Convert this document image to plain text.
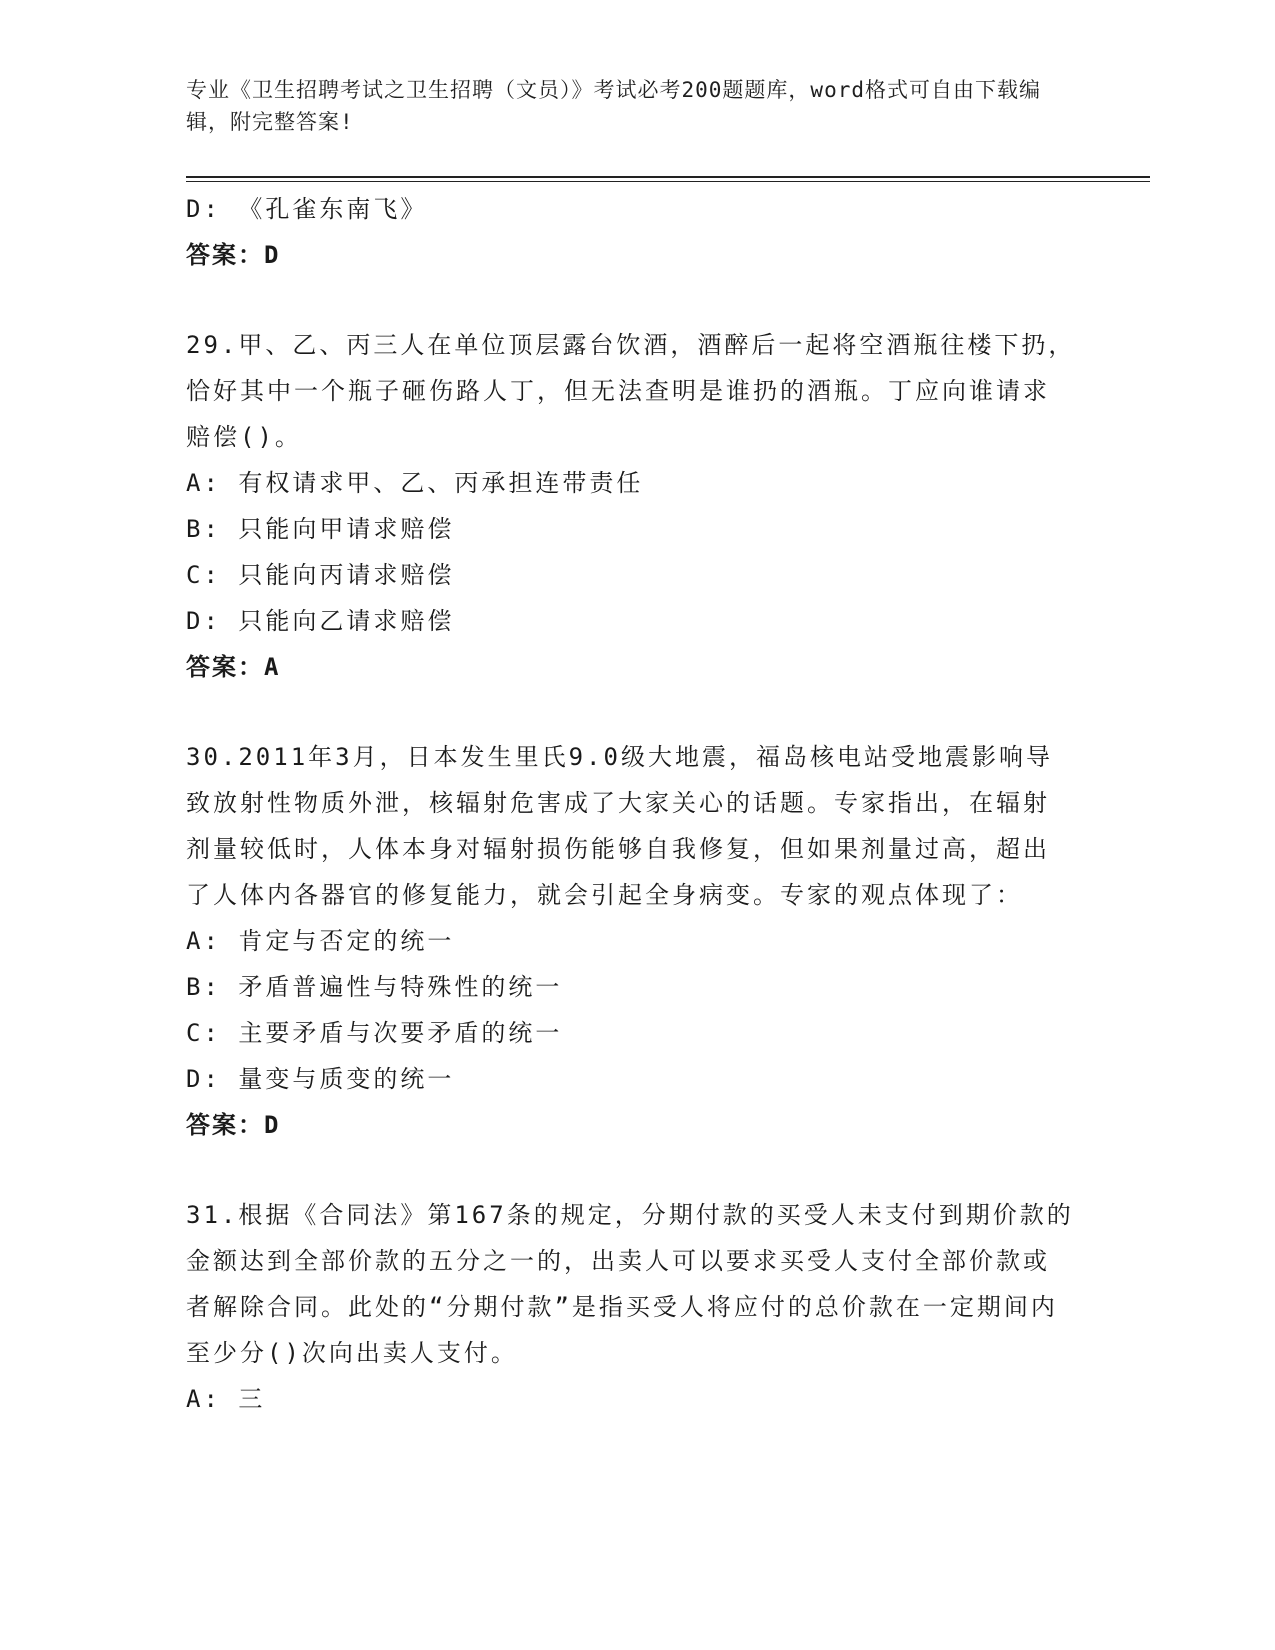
专业《卫生招聘考试之卫生招聘（文员）》考试必考200题题库，word格式可自由下载编辑，附完整答案!
D: 《孔雀东南飞》
答案：D
29.甲、乙、丙三人在单位顶层露台饮酒，酒醉后一起将空酒瓶往楼下扔，恰好其中一个瓶子砸伤路人丁，但无法查明是谁扔的酒瓶。丁应向谁请求赔偿()。
A: 有权请求甲、乙、丙承担连带责任
B: 只能向甲请求赔偿
C: 只能向丙请求赔偿
D: 只能向乙请求赔偿
答案：A
30.2011年3月，日本发生里氏9.0级大地震，福岛核电站受地震影响导致放射性物质外泄，核辐射危害成了大家关心的话题。专家指出，在辐射剂量较低时，人体本身对辐射损伤能够自我修复，但如果剂量过高，超出了人体内各器官的修复能力，就会引起全身病变。专家的观点体现了：
A: 肯定与否定的统一
B: 矛盾普遍性与特殊性的统一
C: 主要矛盾与次要矛盾的统一
D: 量变与质变的统一
答案：D
31.根据《合同法》第167条的规定，分期付款的买受人未支付到期价款的金额达到全部价款的五分之一的，出卖人可以要求买受人支付全部价款或者解除合同。此处的“分期付款”是指买受人将应付的总价款在一定期间内至少分()次向出卖人支付。
A: 三
